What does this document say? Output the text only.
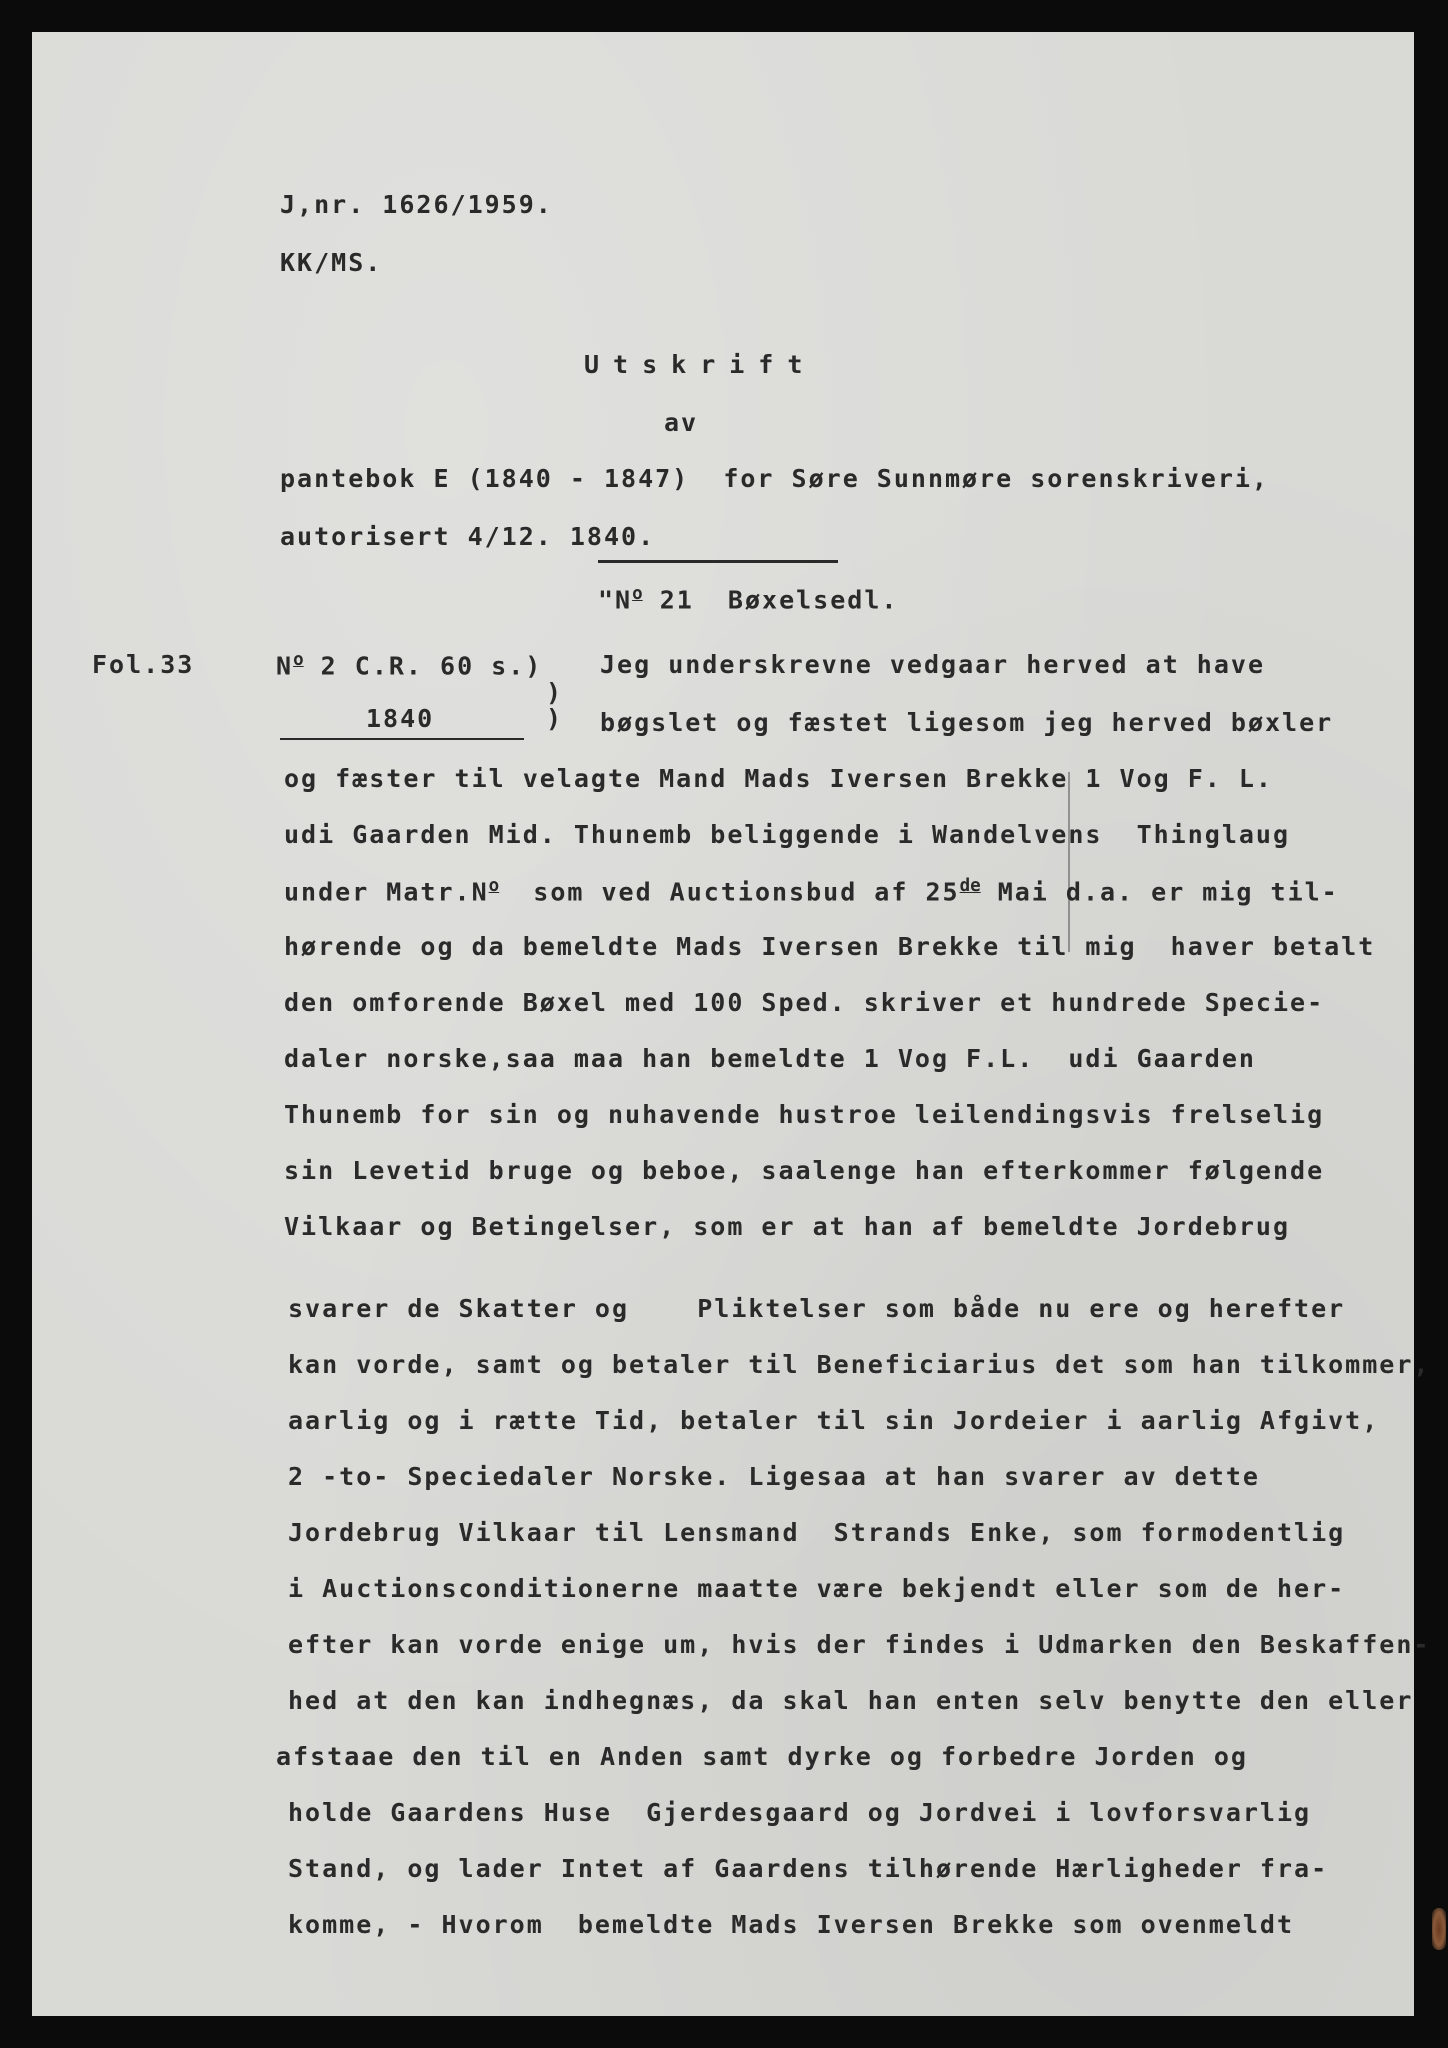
J,nr. 1626/1959.
KK/MS.
Utskrift
av
pantebok E (1840 - 1847)  for Søre Sunnmøre sorenskriveri,
autorisert 4/12. 1840.
"$N^o$ 21  Bøxelsedl.
Fol.33	$N^o$ 2 C.R. 60 s.)
)
1840	)
Jeg underskrevne vedgaar herved at have
bøgslet og fæstet ligesom jeg herved bøxler
og fæster til velagte Mand Mads Iversen Brekke 1 Vog F. L.
udi Gaarden Mid. Thunemb beliggende i Wandelvens  Thinglaug
under $Matr.N^o$  som ved Auctionsbud af 25de Mai d.a. er mig til-
hørende og da bemeldte Mads Iversen Brekke til mig  haver betalt
den omforende Bøxel med 100 Sped. skriver et hundrede Specie-
daler norske,saa maa han bemeldte 1 Vog F.L.  udi Gaarden
Thunemb for sin og nuhavende hustroe leilendingsvis frelselig
sin Levetid bruge og beboe, saalenge han efterkommer følgende
Vilkaar og Betingelser, som er at han af bemeldte Jordebrug
svarer de Skatter og    Pliktelser som både nu ere og herefter
kan vorde, samt og betaler til Beneficiarius det som han tilkommer,
aarlig og i rætte Tid, betaler til sin Jordeier i aarlig Afgivt,
2 -to- Speciedaler Norske. Ligesaa at han svarer av dette
Jordebrug Vilkaar til Lensmand  Strands Enke, som formodentlig
i Auctionsconditionerne maatte være bekjendt eller som de her-
efter kan vorde enige um, hvis der findes i Udmarken den Beskaffen-
hed at den kan indhegnæs, da skal han enten selv benytte den eller
afstaae den til en Anden samt dyrke og forbedre Jorden og
holde Gaardens Huse  Gjerdesgaard og Jordvei i lovforsvarlig
Stand, og lader Intet af Gaardens tilhørende Hærligheder fra-
komme, - Hvorom  bemeldte Mads Iversen Brekke som ovenmeldt
